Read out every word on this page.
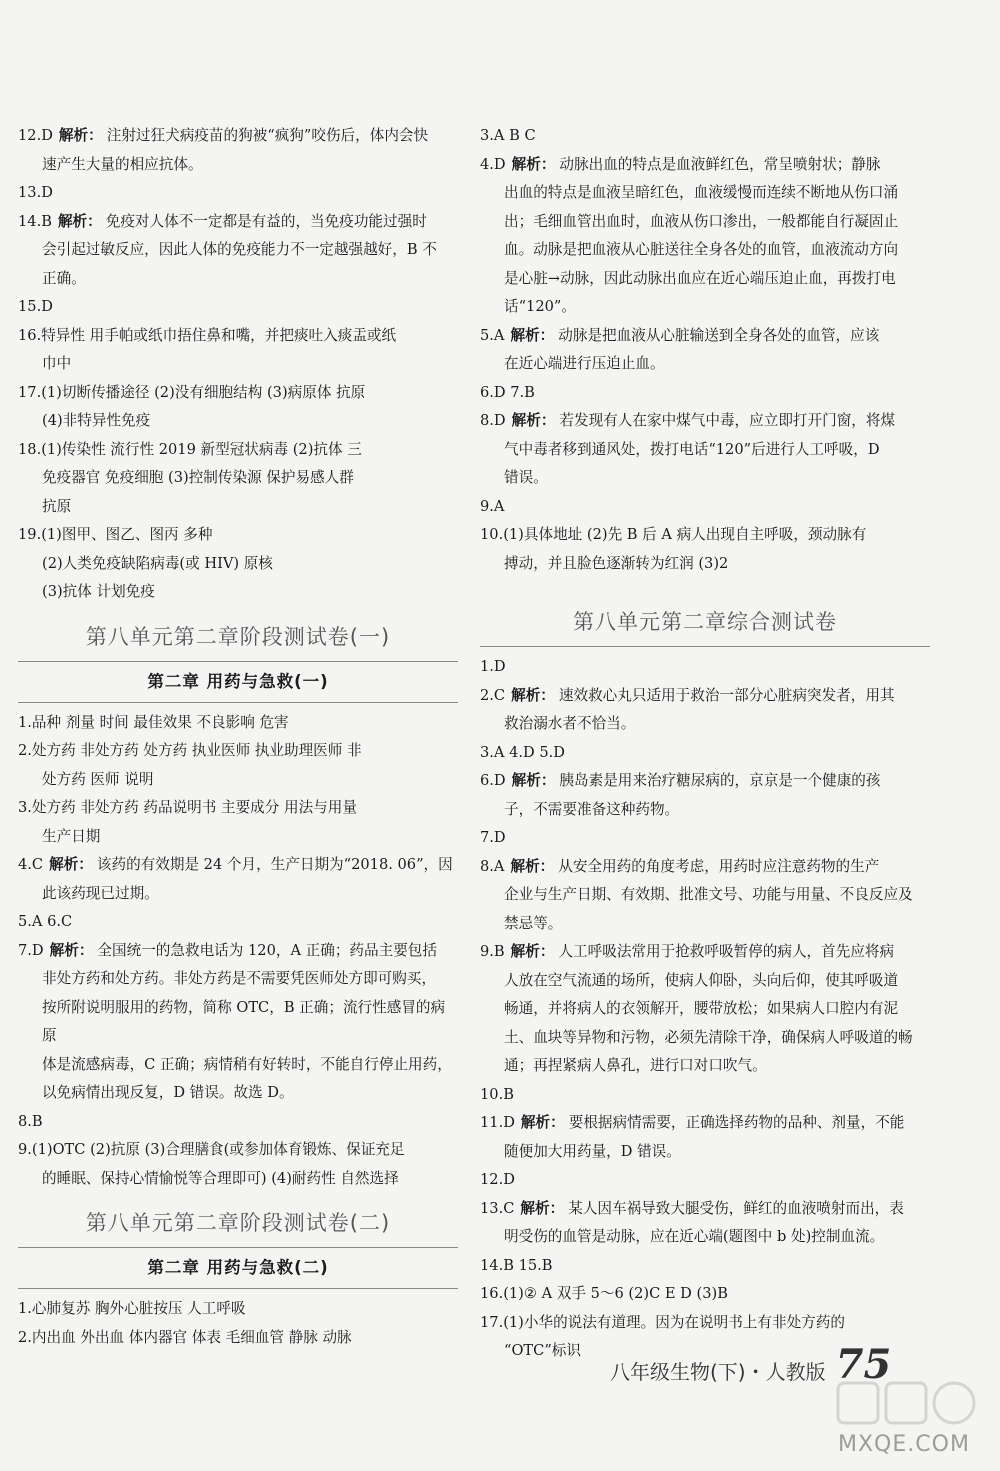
12.D 解析： 注射过狂犬病疫苗的狗被“疯狗”咬伤后，体内会快
速产生大量的相应抗体。

13.D

14.B 解析： 免疫对人体不一定都是有益的，当免疫功能过强时
会引起过敏反应，因此人体的免疫能力不一定越强越好，B 不
正确。

15.D

16.特异性 用手帕或纸巾捂住鼻和嘴，并把痰吐入痰盂或纸
巾中

17.(1)切断传播途径 (2)没有细胞结构 (3)病原体 抗原
(4)非特异性免疫

18.(1)传染性 流行性 2019 新型冠状病毒 (2)抗体 三
免疫器官 免疫细胞 (3)控制传染源 保护易感人群
抗原

19.(1)图甲、图乙、图丙 多种
(2)人类免疫缺陷病毒(或 HIV) 原核
(3)抗体 计划免疫

第八单元第二章阶段测试卷(一)
第二章 用药与急救(一)

1.品种 剂量 时间 最佳效果 不良影响 危害

2.处方药 非处方药 处方药 执业医师 执业助理医师 非
处方药 医师 说明

3.处方药 非处方药 药品说明书 主要成分 用法与用量
生产日期

4.C 解析： 该药的有效期是 24 个月，生产日期为“2018. 06”，因
此该药现已过期。

5.A 6.C

7.D 解析： 全国统一的急救电话为 120，A 正确；药品主要包括
非处方药和处方药。非处方药是不需要凭医师处方即可购买，
按所附说明服用的药物，简称 OTC，B 正确；流行性感冒的病原
体是流感病毒，C 正确；病情稍有好转时，不能自行停止用药，
以免病情出现反复，D 错误。故选 D。

8.B

9.(1)OTC (2)抗原 (3)合理膳食(或参加体育锻炼、保证充足
的睡眠、保持心情愉悦等合理即可) (4)耐药性 自然选择

第八单元第二章阶段测试卷(二)
第二章 用药与急救(二)

1.心肺复苏 胸外心脏按压 人工呼吸

2.内出血 外出血 体内器官 体表 毛细血管 静脉 动脉

3.A B C

4.D 解析： 动脉出血的特点是血液鲜红色，常呈喷射状；静脉
出血的特点是血液呈暗红色，血液缓慢而连续不断地从伤口涌
出；毛细血管出血时，血液从伤口渗出，一般都能自行凝固止
血。动脉是把血液从心脏送往全身各处的血管，血液流动方向
是心脏→动脉，因此动脉出血应在近心端压迫止血，再拨打电
话“120”。

5.A 解析： 动脉是把血液从心脏输送到全身各处的血管，应该
在近心端进行压迫止血。

6.D 7.B

8.D 解析： 若发现有人在家中煤气中毒，应立即打开门窗，将煤
气中毒者移到通风处，拨打电话“120”后进行人工呼吸，D
错误。

9.A

10.(1)具体地址 (2)先 B 后 A 病人出现自主呼吸，颈动脉有
搏动，并且脸色逐渐转为红润 (3)2

第八单元第二章综合测试卷

1.D

2.C 解析： 速效救心丸只适用于救治一部分心脏病突发者，用其
救治溺水者不恰当。

3.A 4.D 5.D

6.D 解析： 胰岛素是用来治疗糖尿病的，京京是一个健康的孩
子，不需要准备这种药物。

7.D

8.A 解析： 从安全用药的角度考虑，用药时应注意药物的生产
企业与生产日期、有效期、批准文号、功能与用量、不良反应及
禁忌等。

9.B 解析： 人工呼吸法常用于抢救呼吸暂停的病人，首先应将病
人放在空气流通的场所，使病人仰卧，头向后仰，使其呼吸道
畅通，并将病人的衣领解开，腰带放松；如果病人口腔内有泥
土、血块等异物和污物，必须先清除干净，确保病人呼吸道的畅
通；再捏紧病人鼻孔，进行口对口吹气。

10.B

11.D 解析： 要根据病情需要，正确选择药物的品种、剂量，不能
随便加大用药量，D 错误。

12.D

13.C 解析： 某人因车祸导致大腿受伤，鲜红的血液喷射而出，表
明受伤的血管是动脉，应在近心端(题图中 b 处)控制血流。

14.B 15.B

16.(1)② A 双手 5～6 (2)C E D (3)B

17.(1)小华的说法有道理。因为在说明书上有非处方药的
“OTC”标识

八年级生物(下)・人教版 75
MXQE.COM
